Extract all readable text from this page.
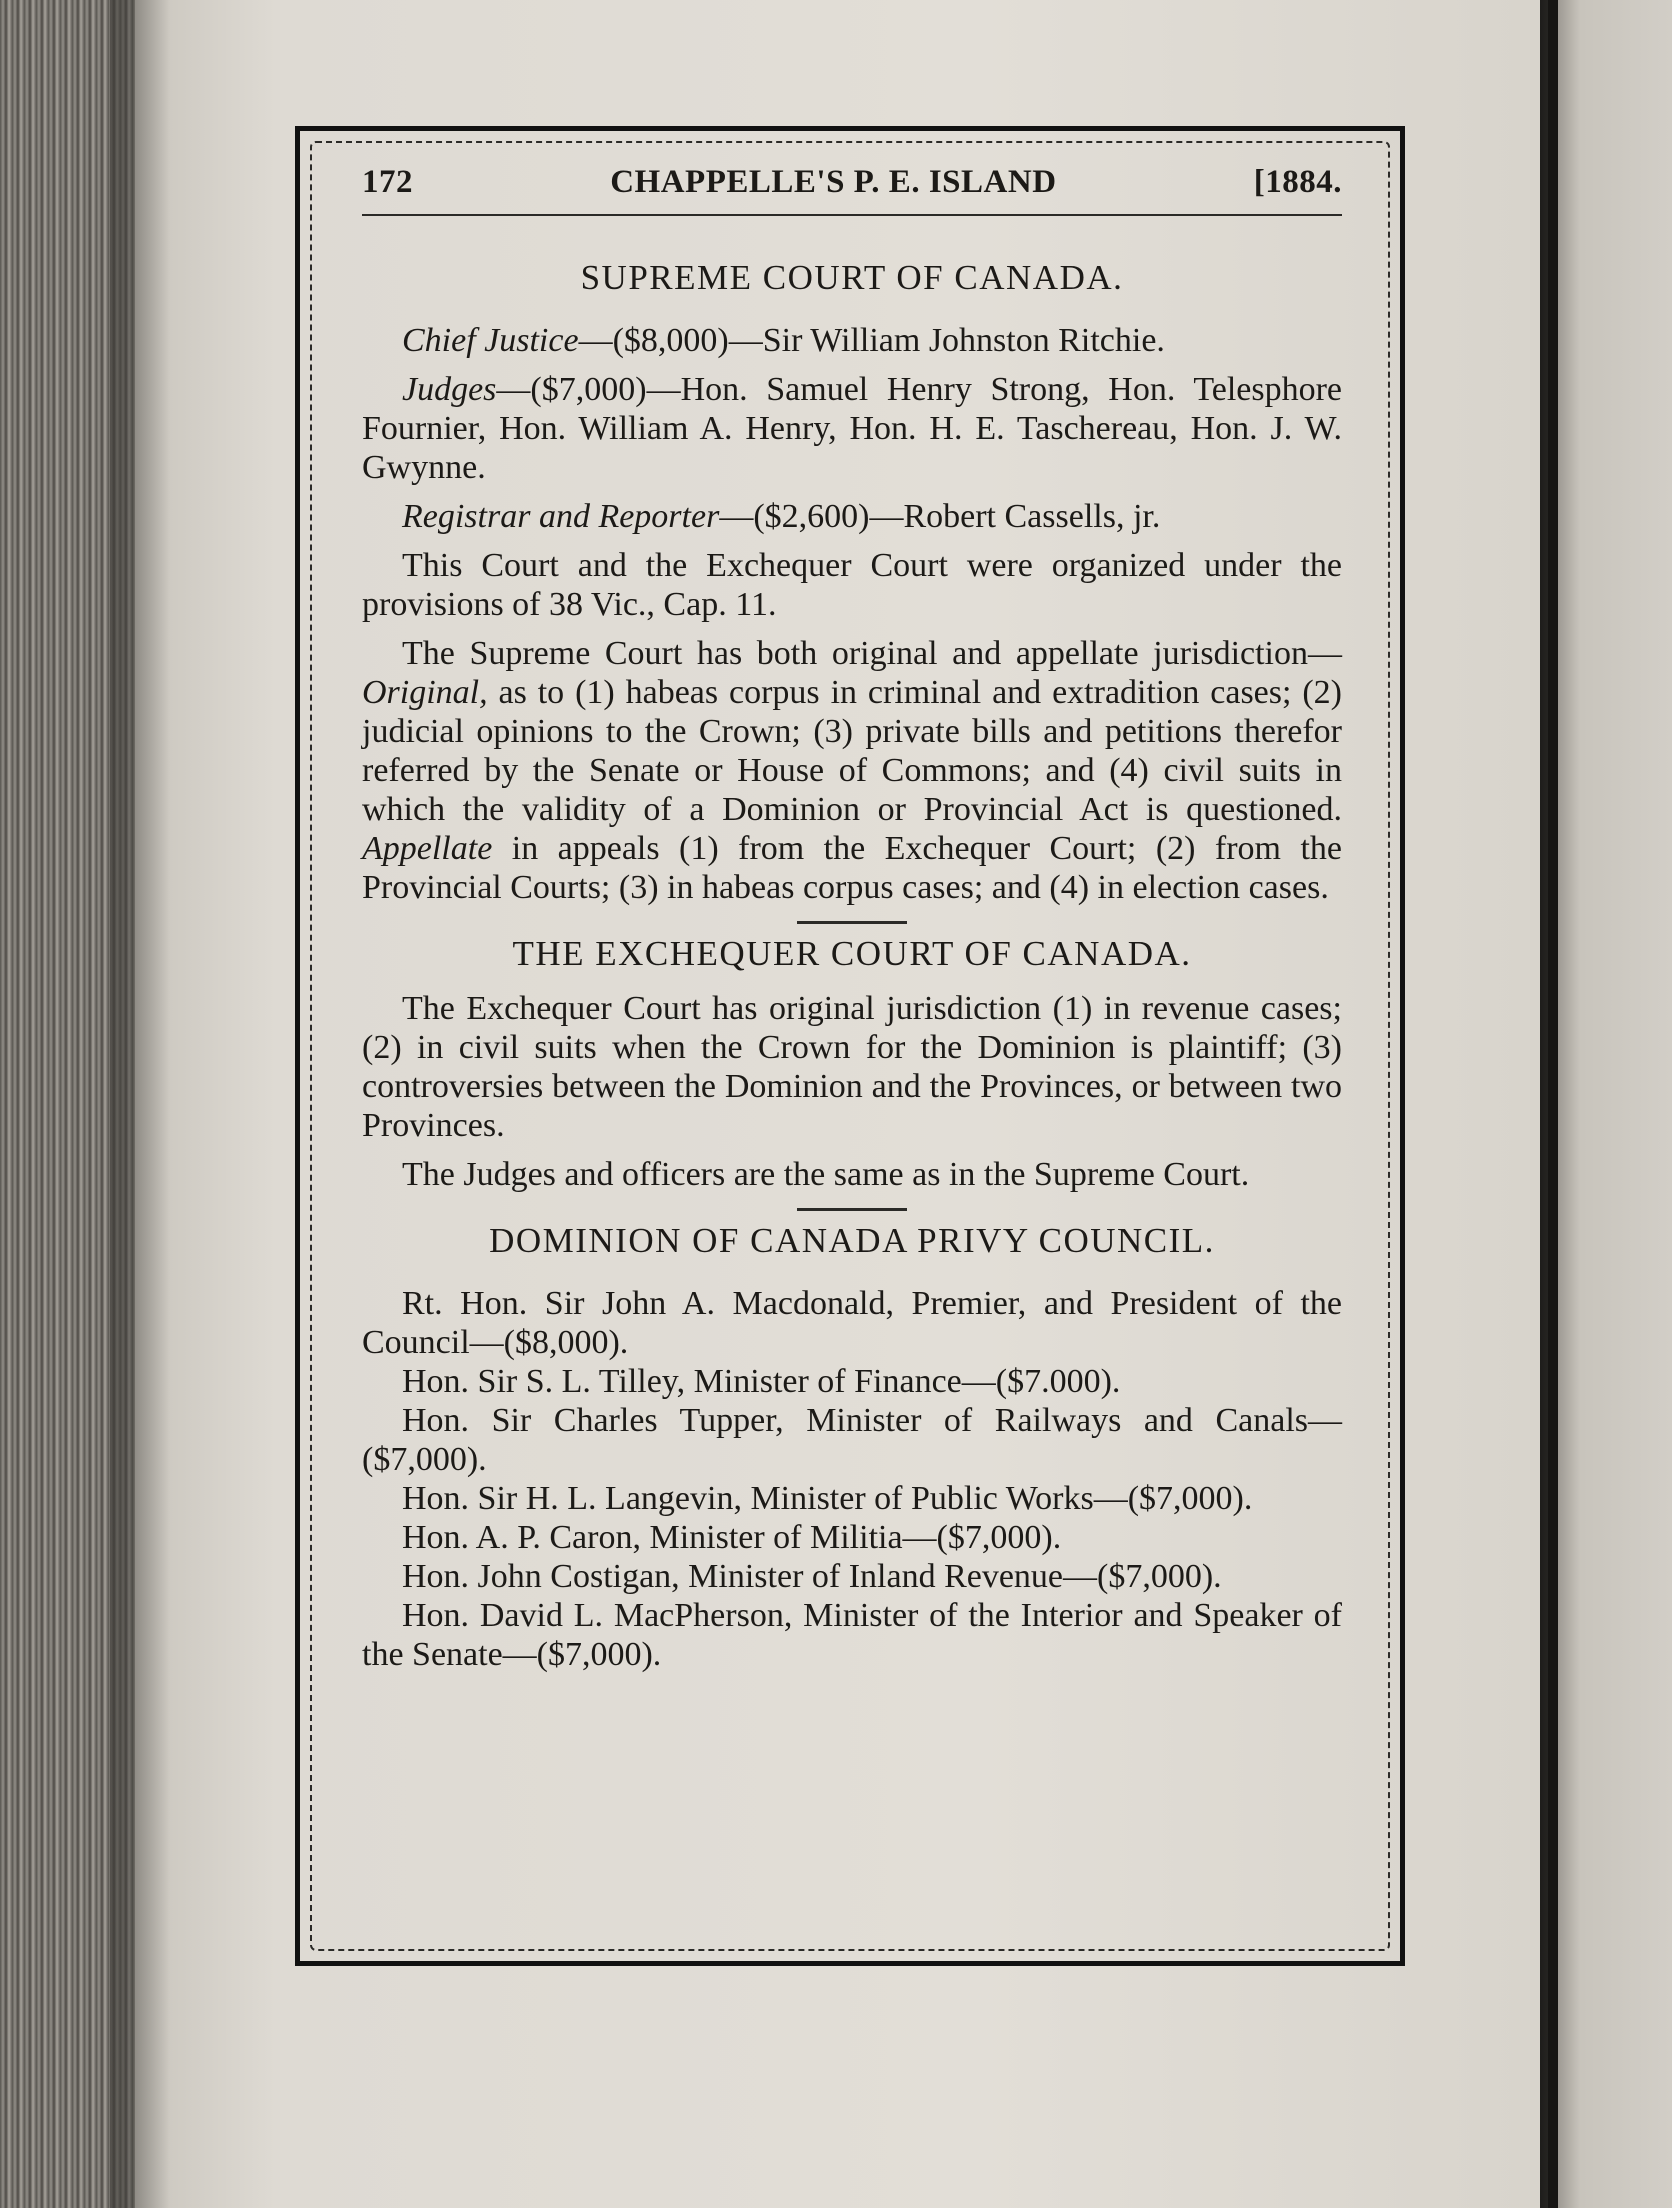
172	CHAPPELLE'S P. E. ISLAND	[1884.
SUPREME COURT OF CANADA.

Chief Justice—($8,000)—Sir William Johnston Ritchie.

Judges—($7,000)—Hon. Samuel Henry Strong, Hon. Telesphore Fournier, Hon. William A. Henry, Hon. H. E. Taschereau, Hon. J. W. Gwynne.

Registrar and Reporter—($2,600)—Robert Cassells, jr.

This Court and the Exchequer Court were organized under the provisions of 38 Vic., Cap. 11.

The Supreme Court has both original and appellate jurisdiction—Original, as to (1) habeas corpus in criminal and extradition cases; (2) judicial opinions to the Crown; (3) private bills and petitions therefor referred by the Senate or House of Commons; and (4) civil suits in which the validity of a Dominion or Provincial Act is questioned. Appellate in appeals (1) from the Exchequer Court; (2) from the Provincial Courts; (3) in habeas corpus cases; and (4) in election cases.

THE EXCHEQUER COURT OF CANADA.

The Exchequer Court has original jurisdiction (1) in revenue cases; (2) in civil suits when the Crown for the Dominion is plaintiff; (3) controversies between the Dominion and the Provinces, or between two Provinces.

The Judges and officers are the same as in the Supreme Court.

DOMINION OF CANADA PRIVY COUNCIL.

Rt. Hon. Sir John A. Macdonald, Premier, and President of the Council—($8,000).

Hon. Sir S. L. Tilley, Minister of Finance—($7.000).

Hon. Sir Charles Tupper, Minister of Railways and Canals—($7,000).

Hon. Sir H. L. Langevin, Minister of Public Works—($7,000).

Hon. A. P. Caron, Minister of Militia—($7,000).

Hon. John Costigan, Minister of Inland Revenue—($7,000).

Hon. David L. MacPherson, Minister of the Interior and Speaker of the Senate—($7,000).
